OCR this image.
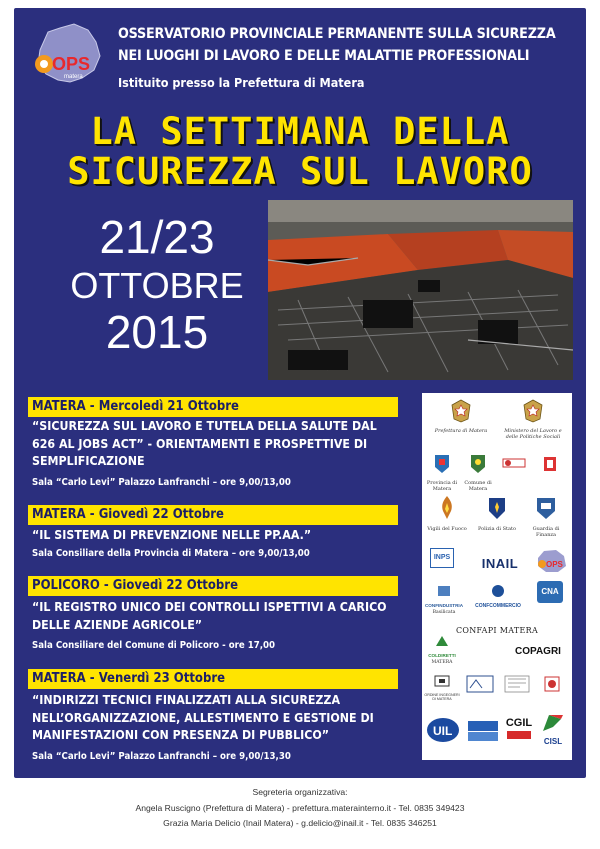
OPS
matera
OSSERVATORIO PROVINCIALE PERMANENTE SULLA SICUREZZA
NEI LUOGHI DI LAVORO E DELLE MALATTIE PROFESSIONALI
Istituito presso la Prefettura di Matera
LA SETTIMANA DELLA
SICUREZZA SUL LAVORO
21/23
OTTOBRE
2015
MATERA - Mercoledì 21 Ottobre
“SICUREZZA SUL LAVORO E TUTELA DELLA SALUTE DAL
626 AL JOBS ACT” - ORIENTAMENTI E PROSPETTIVE DI
SEMPLIFICAZIONE
Sala “Carlo Levi” Palazzo Lanfranchi – ore 9,00/13,00
MATERA - Giovedì 22 Ottobre
“IL SISTEMA DI PREVENZIONE NELLE PP.AA.”
Sala Consiliare della Provincia di Matera – ore 9,00/13,00
POLICORO - Giovedì 22 Ottobre
“IL REGISTRO UNICO DEI CONTROLLI ISPETTIVI A CARICO
DELLE AZIENDE AGRICOLE”
Sala Consiliare del Comune di Policoro - ore 17,00
MATERA - Venerdì 23 Ottobre
“INDIRIZZI TECNICI FINALIZZATI ALLA SICUREZZA
NELL’ORGANIZZAZIONE, ALLESTIMENTO E GESTIONE DI
MANIFESTAZIONI CON PRESENZA DI PUBBLICO”
Sala “Carlo Levi” Palazzo Lanfranchi – ore 9,00/13,30
Prefettura di Matera	Ministero del Lavoro e delle Politiche Sociali
Provincia di Matera
Comune di Matera
Vigili del Fuoco	Polizia di Stato	Guardia di Finanza
INPS	INAIL	OPS
CONFINDUSTRIA
Basilicata
CONFCOMMERCIO
CNA
CONFAPI MATERA
COLDIRETTI
MATERA
COPAGRI
ORDINE INGEGNERI DI MATERA
UIL
CGIL
CISL
Segreteria organizzativa:
Angela Ruscigno (Prefettura di Matera) - prefettura.materainterno.it - Tel. 0835 349423
Grazia Maria Delicio (Inail Matera) - g.delicio@inail.it - Tel. 0835 346251
